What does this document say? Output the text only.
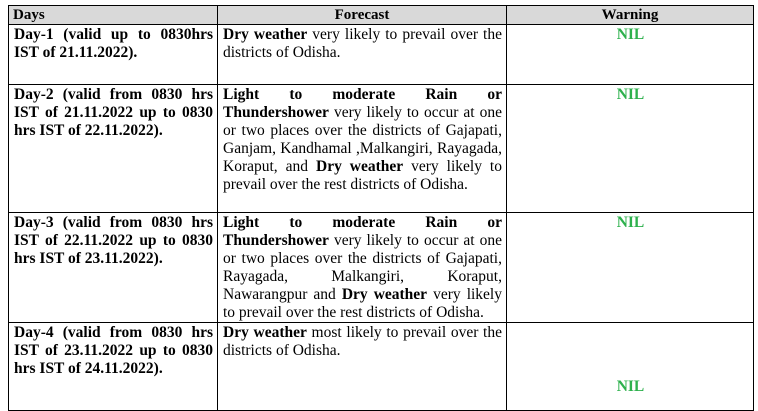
Days	Forecast	Warning
Day-1 (valid up to 0830hrs IST of 21.11.2022).	Dry weather very likely to prevail over the districts of Odisha.	NIL
Day-2 (valid from 0830 hrs IST of 21.11.2022 up to 0830 hrs IST of 22.11.2022).	Light to moderate Rain or Thundershower very likely to occur at one or two places over the districts of Gajapati, Ganjam, Kandhamal ,Malkangiri, Rayagada, Koraput, and Dry weather very likely to prevail over the rest districts of Odisha.	NIL
Day-3 (valid from 0830 hrs IST of 22.11.2022 up to 0830 hrs IST of 23.11.2022).	Light to moderate Rain or Thundershower very likely to occur at one or two places over the districts of Gajapati, Rayagada, Malkangiri, Koraput, Nawarangpur and Dry weather very likely to prevail over the rest districts of Odisha.	NIL
Day-4 (valid from 0830 hrs IST of 23.11.2022 up to 0830 hrs IST of 24.11.2022).	Dry weather most likely to prevail over the districts of Odisha.	NIL
